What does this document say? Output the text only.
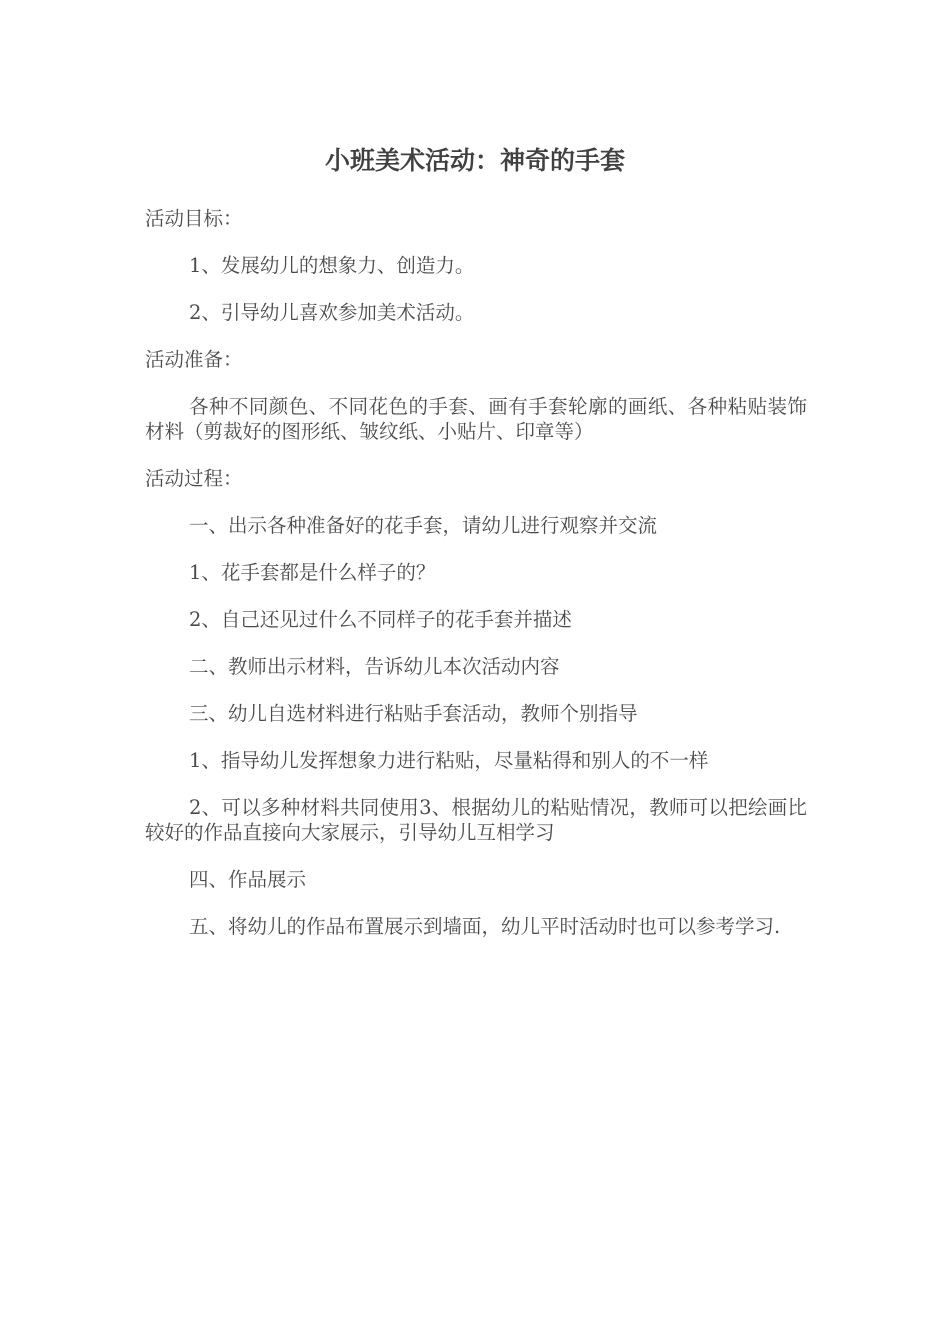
小班美术活动：神奇的手套

活动目标：

1、发展幼儿的想象力、创造力。

2、引导幼儿喜欢参加美术活动。

活动准备：

各种不同颜色、不同花色的手套、画有手套轮廓的画纸、各种粘贴装饰材料（剪裁好的图形纸、皱纹纸、小贴片、印章等）

活动过程：

一、出示各种准备好的花手套，请幼儿进行观察并交流

1、花手套都是什么样子的？

2、自己还见过什么不同样子的花手套并描述

二、教师出示材料，告诉幼儿本次活动内容

三、幼儿自选材料进行粘贴手套活动，教师个别指导

1、指导幼儿发挥想象力进行粘贴，尽量粘得和别人的不一样

2、可以多种材料共同使用3、根据幼儿的粘贴情况，教师可以把绘画比较好的作品直接向大家展示，引导幼儿互相学习

四、作品展示

五、将幼儿的作品布置展示到墙面，幼儿平时活动时也可以参考学习.
